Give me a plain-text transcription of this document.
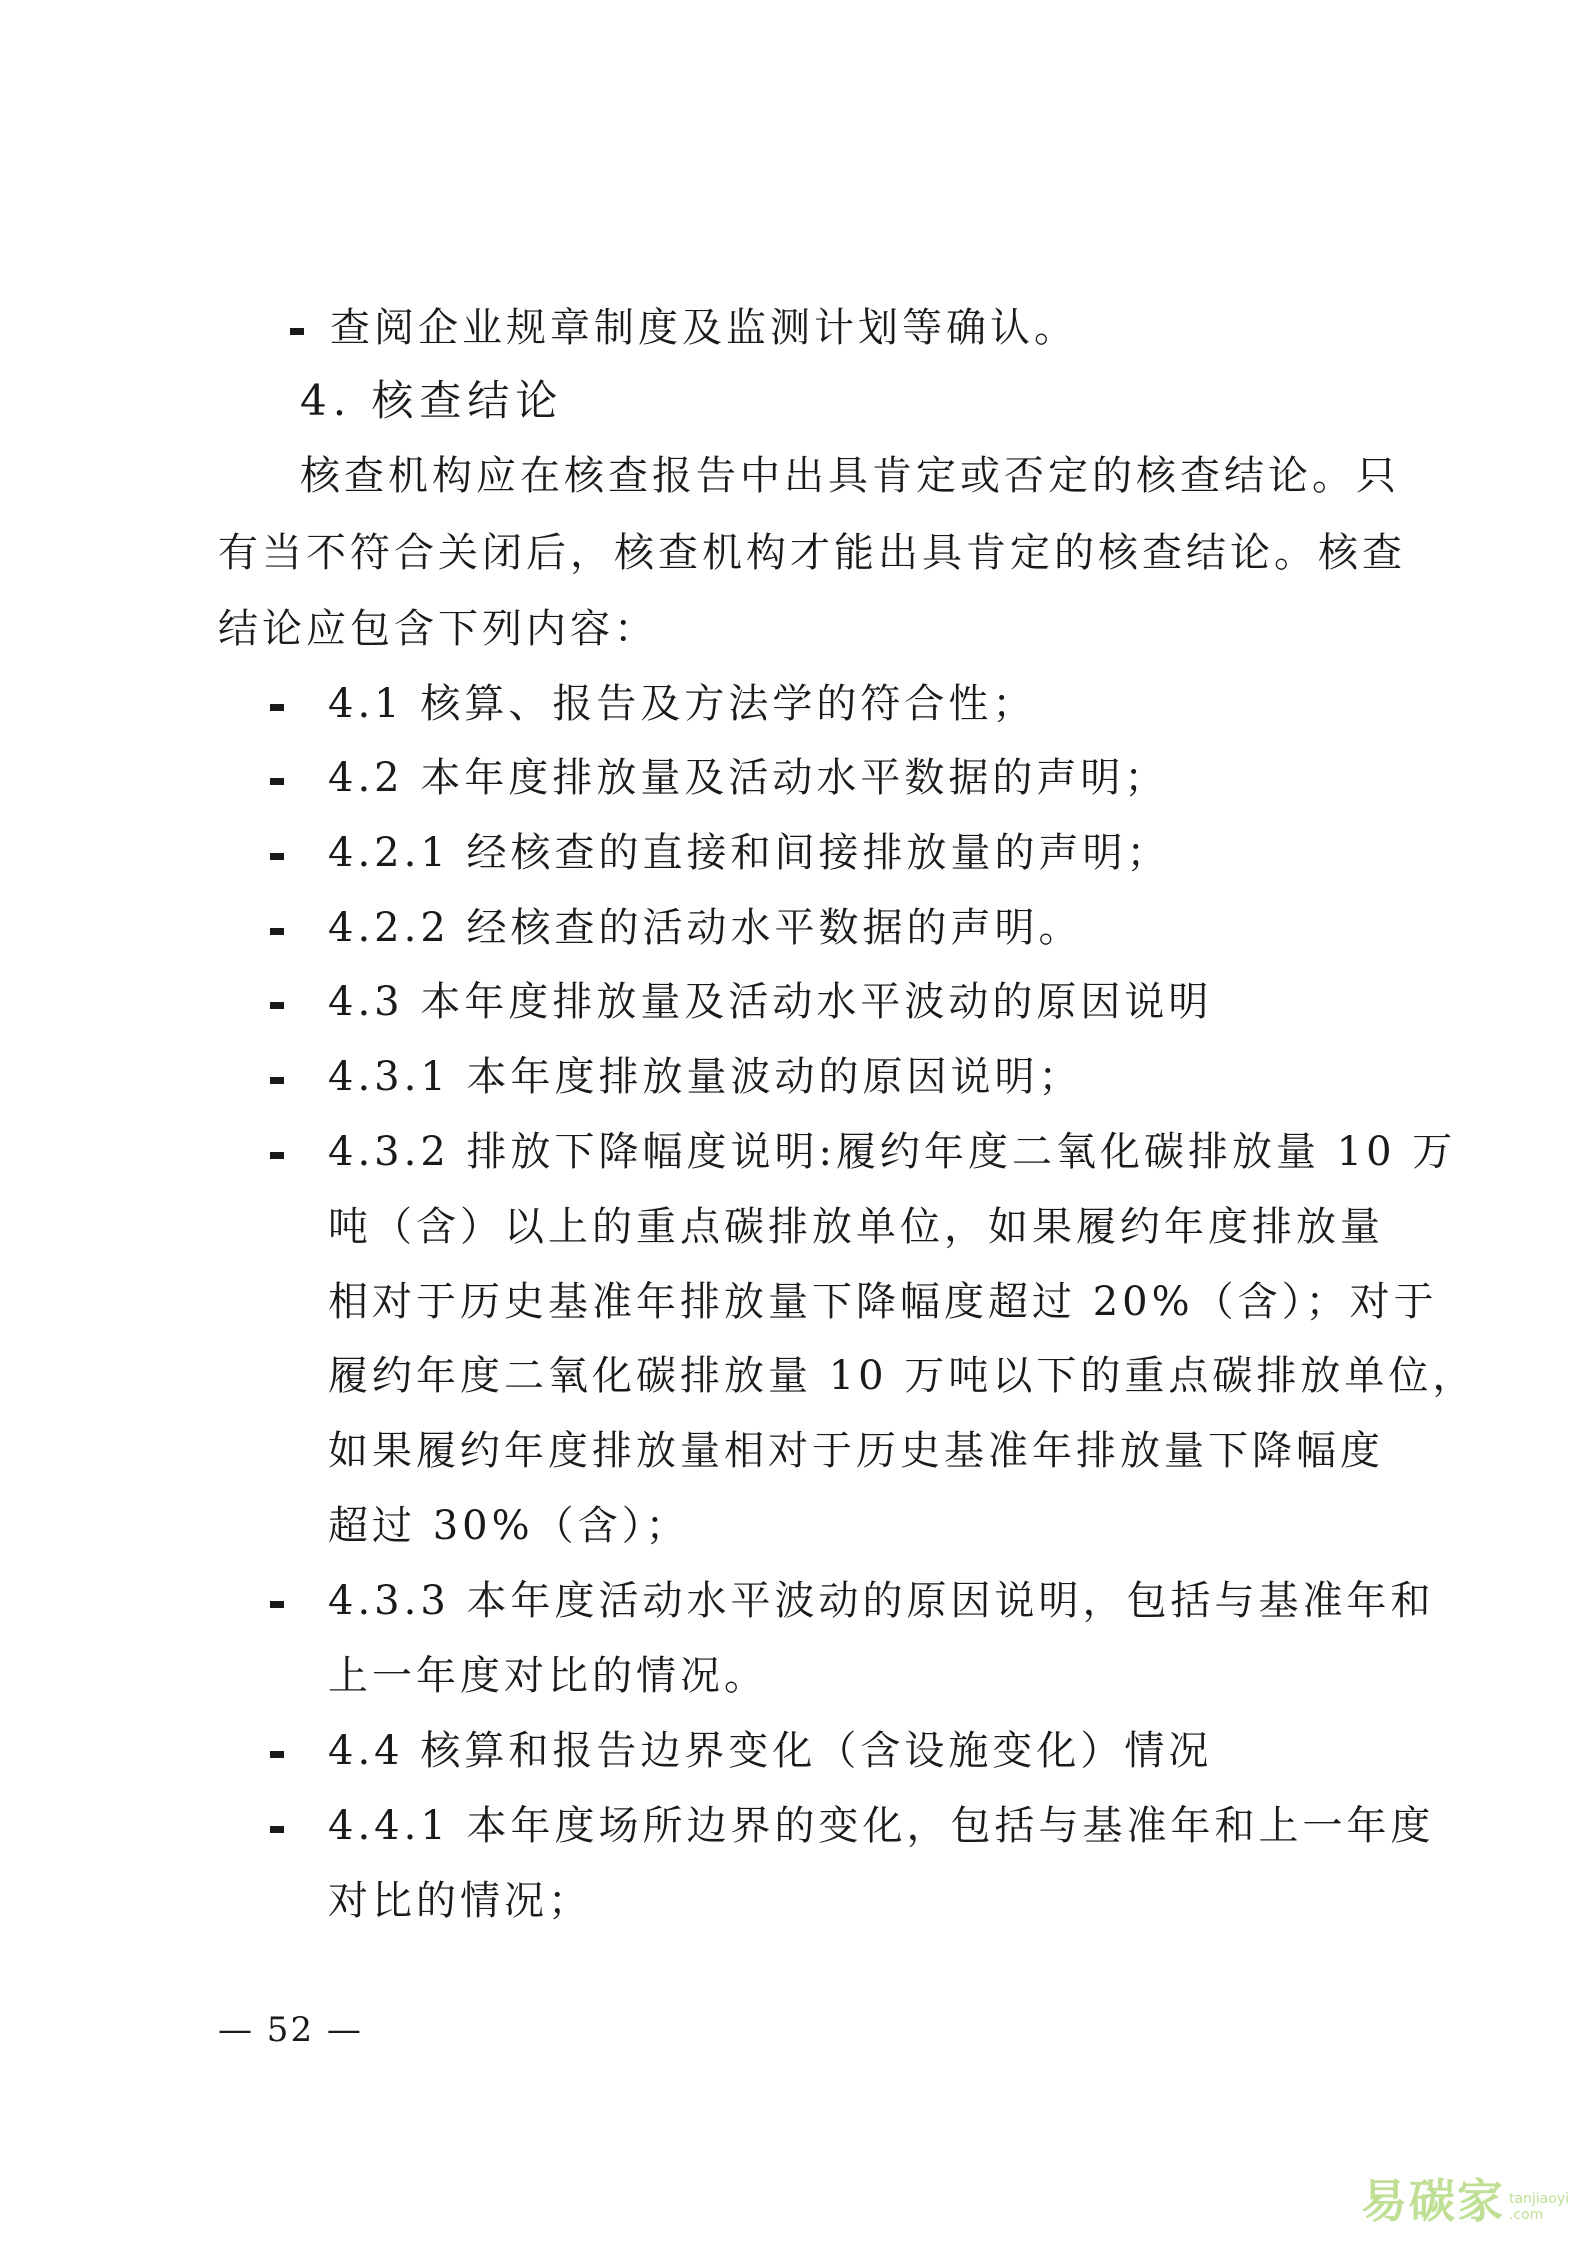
查阅企业规章制度及监测计划等确认。
4. 核查结论
核查机构应在核查报告中出具肯定或否定的核查结论。只
有当不符合关闭后，核查机构才能出具肯定的核查结论。核查
结论应包含下列内容：
4.1 核算、报告及方法学的符合性；
4.2 本年度排放量及活动水平数据的声明；
4.2.1 经核查的直接和间接排放量的声明；
4.2.2 经核查的活动水平数据的声明。
4.3 本年度排放量及活动水平波动的原因说明
4.3.1 本年度排放量波动的原因说明；
4.3.2 排放下降幅度说明:履约年度二氧化碳排放量 10 万
吨（含）以上的重点碳排放单位，如果履约年度排放量
相对于历史基准年排放量下降幅度超过 20%（含）；对于
履约年度二氧化碳排放量 10 万吨以下的重点碳排放单位，
如果履约年度排放量相对于历史基准年排放量下降幅度
超过 30%（含）；
4.3.3 本年度活动水平波动的原因说明，包括与基准年和
上一年度对比的情况。
4.4 核算和报告边界变化（含设施变化）情况
4.4.1 本年度场所边界的变化，包括与基准年和上一年度
对比的情况；
— 52 —
易碳家 tanjiaoyi
.com
